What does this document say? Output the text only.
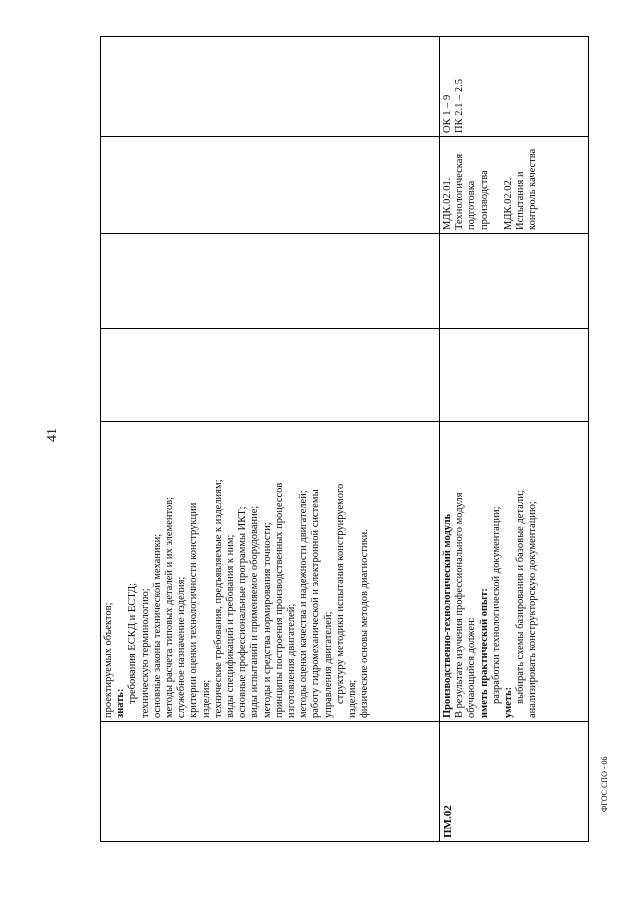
41
проектируемых объектов; знать: требования ЕСКД и ЕСТД; техническую терминологию; основные законы технической механики; методы расчета типовых деталей и их элементов; служебное назначение изделия; критерии оценки технологичности конструкции изделия; технические требования, предъявляемые к изделиям; виды спецификаций и требования к ним; основные профессиональные программы ИКТ; виды испытаний и применяемое оборудование; методы и средства нормирования точности; принципы построения производственных процессов изготовления двигателей; методы оценки качества и надежности двигателей; работу гидромеханической и электронной системы управления двигателей; структуру методики испытания конструируемого изделия; физические основы методов диагностики.
ПМ.02
Производственно-технологический модуль В результате изучения профессионального модуля обучающийся должен: иметь практический опыт: разработки технологической документации; уметь: выбирать схемы базирования и базовые детали; анализировать конструкторскую документацию;
МДК.02.01. Технологическая подготовка производства МДК.02.02. Испытания и контроль качества
ОК 1 – 9 ПК 2.1 – 2.5
ФГОС СПО - 06
